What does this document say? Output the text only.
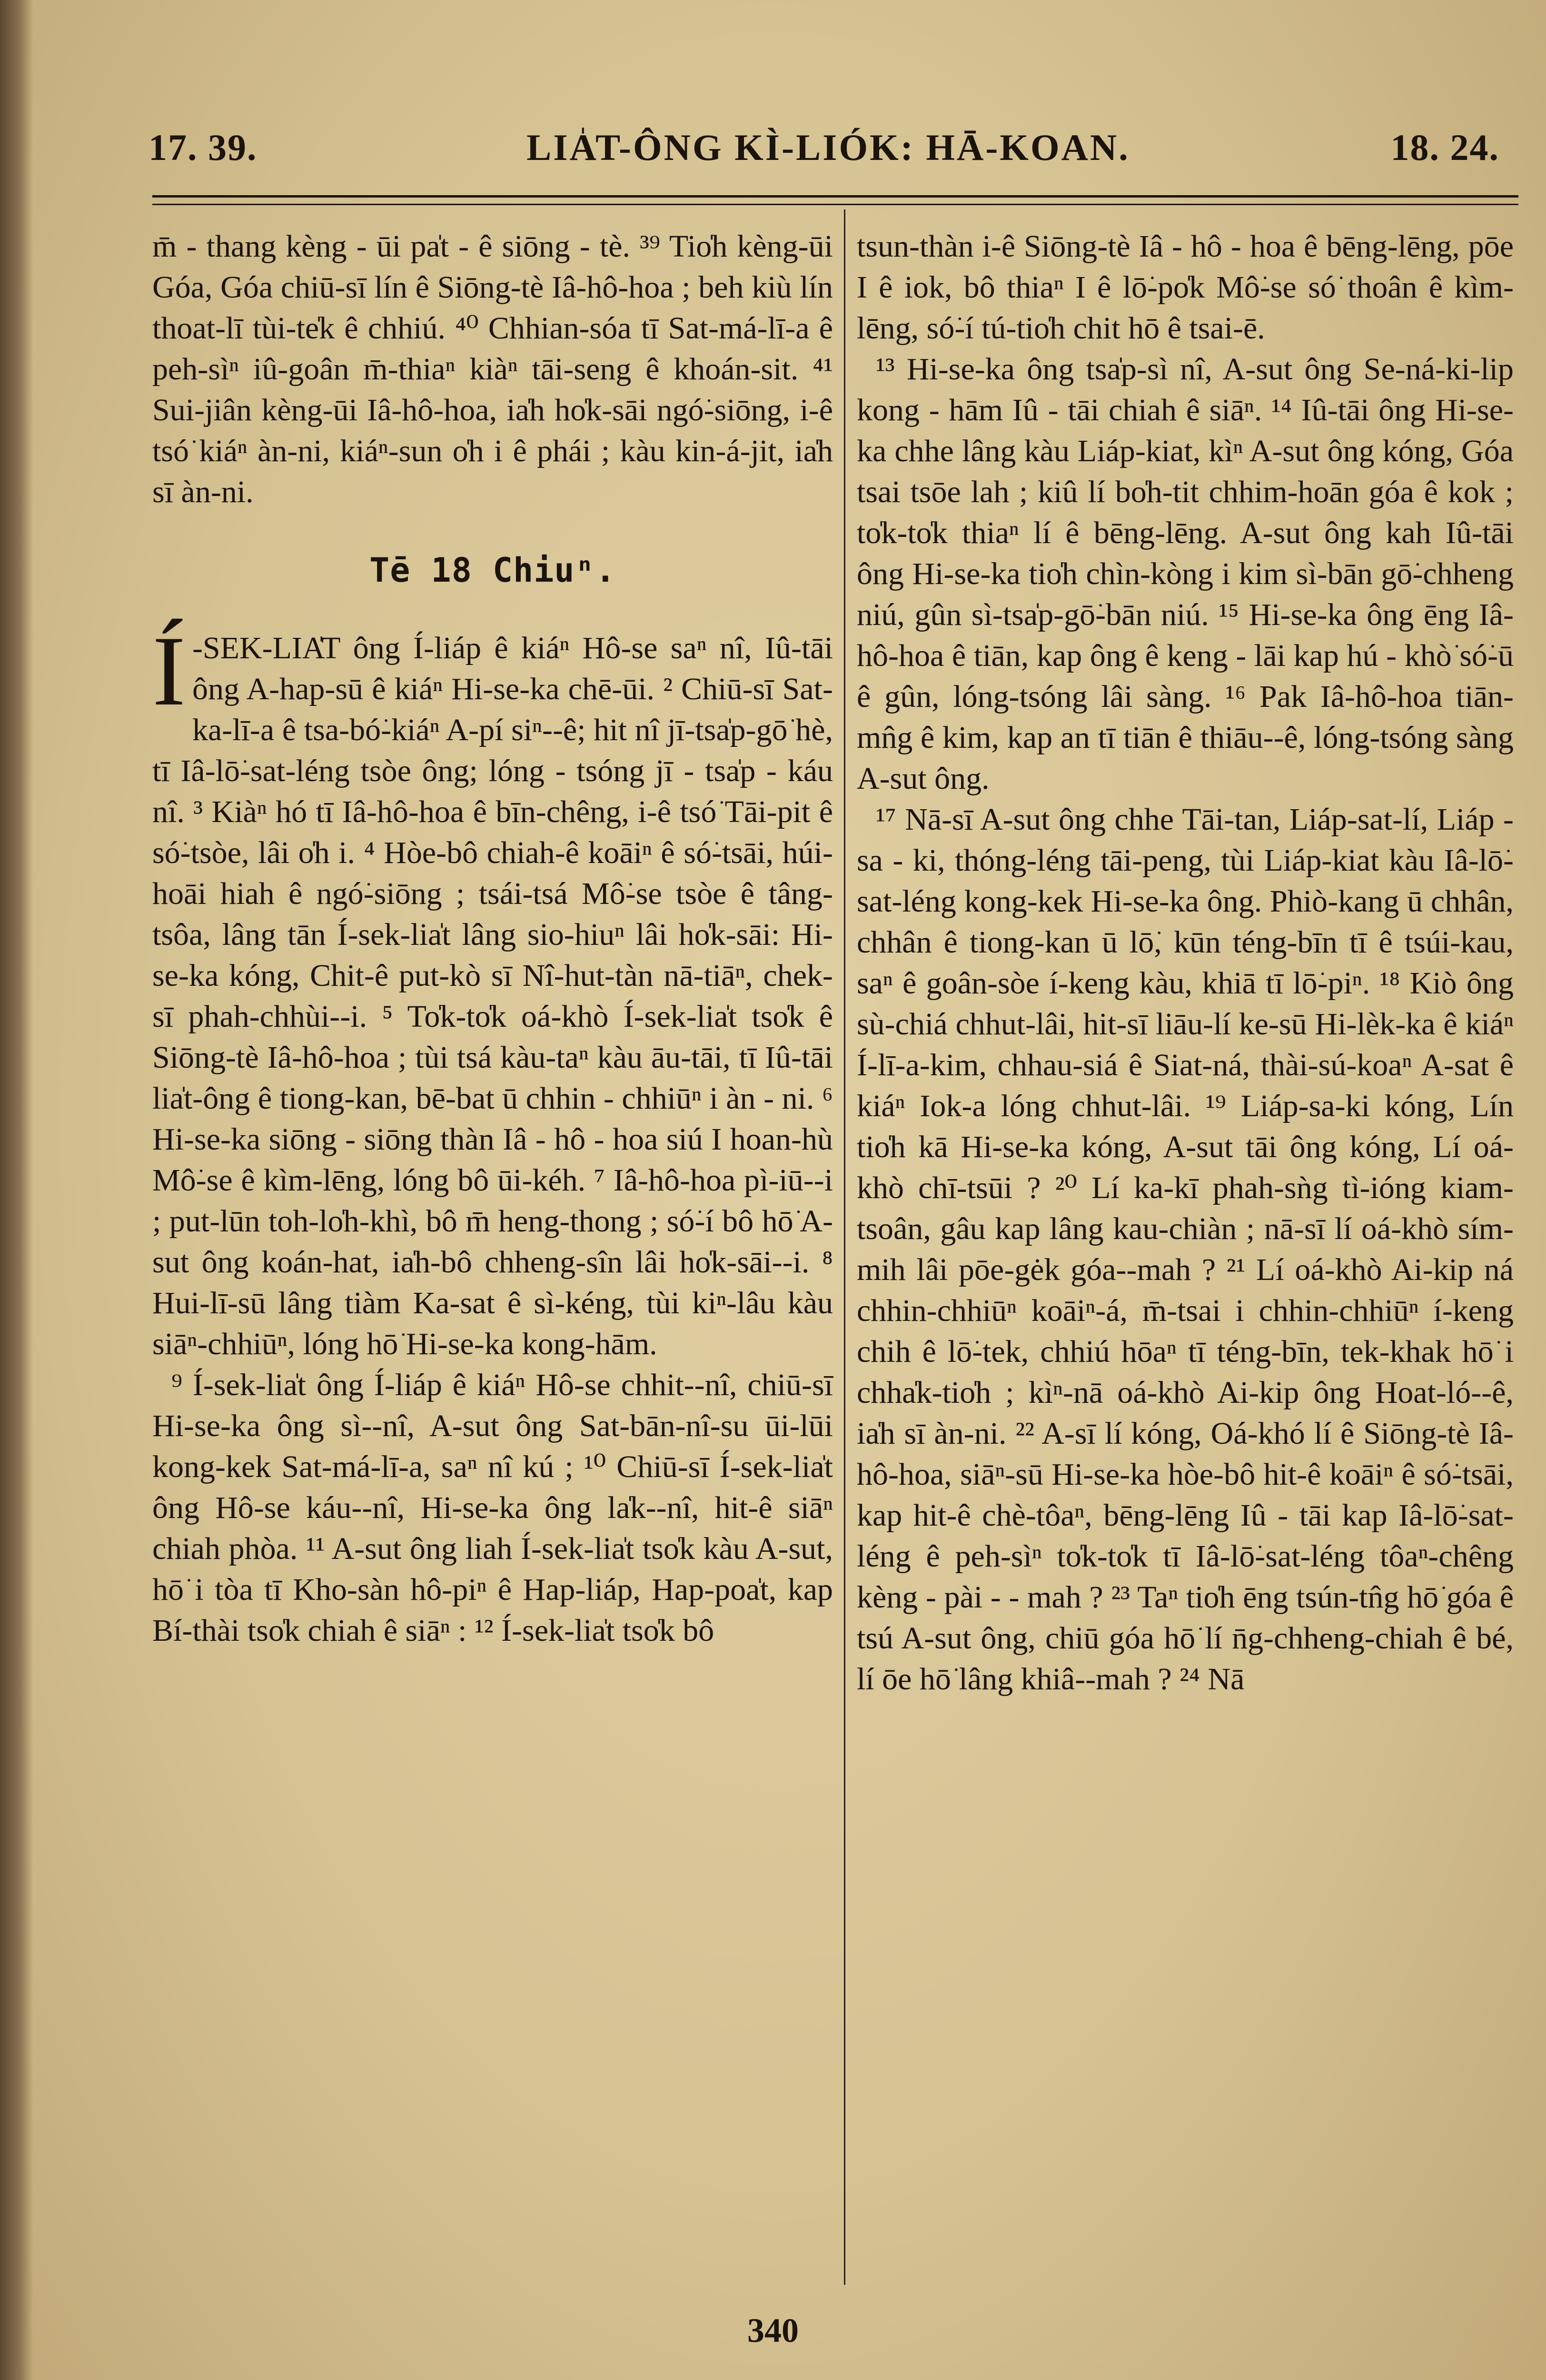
17. 39.	LIA̍T-ÔNG KÌ-LIÓK: HĀ-KOAN.	18. 24.

m̄ - thang kèng - ūi pa̍t - ê siōng - tè. ³⁹ Tio̍h kèng-ūi Góa, Góa chiū-sī lín ê Siōng-tè Iâ-hô-hoa ; beh kiù lín thoat-lī tùi-te̍k ê chhiú. ⁴⁰ Chhian-sóa tī Sat-má-lī-a ê peh-sìⁿ iû-goân m̄-thiaⁿ kiàⁿ tāi-seng ê khoán-sit. ⁴¹ Sui-jiân kèng-ūi Iâ-hô-hoa, ia̍h ho̍k-sāi ngó͘-siōng, i-ê tsó͘ kiáⁿ àn-ni, kiáⁿ-sun o̍h i ê phái ; kàu kin-á-jit, ia̍h sī àn-ni.

Tē 18 Chiuⁿ.

Í -SEK-LIA̍T ông Í-liáp ê kiáⁿ Hô-se saⁿ nî, Iû-tāi ông A-hap-sū ê kiáⁿ Hi-se-ka chē-ūi. ² Chiū-sī Sat-ka-lī-a ê tsa-bó͘-kiáⁿ A-pí siⁿ--ê; hit nî jī-tsa̍p-gō͘ hè, tī Iâ-lō͘-sat-léng tsòe ông; lóng - tsóng jī - tsa̍p - káu nî. ³ Kiàⁿ hó tī Iâ-hô-hoa ê bīn-chêng, i-ê tsó͘ Tāi-pit ê só͘-tsòe, lâi o̍h i. ⁴ Hòe-bô chiah-ê koāiⁿ ê só͘-tsāi, húi-hoāi hiah ê ngó͘-siōng ; tsái-tsá Mô͘-se tsòe ê tâng-tsôa, lâng tān Í-sek-lia̍t lâng sio-hiuⁿ lâi ho̍k-sāi: Hi-se-ka kóng, Chit-ê put-kò sī Nî-hut-tàn nā-tiāⁿ, chek-sī phah-chhùi--i. ⁵ To̍k-to̍k oá-khò Í-sek-lia̍t tso̍k ê Siōng-tè Iâ-hô-hoa ; tùi tsá kàu-taⁿ kàu āu-tāi, tī Iû-tāi lia̍t-ông ê tiong-kan, bē-bat ū chhin - chhiūⁿ i àn - ni. ⁶ Hi-se-ka siōng - siōng thàn Iâ - hô - hoa siú I hoan-hù Mô͘-se ê kìm-lēng, lóng bô ūi-kéh. ⁷ Iâ-hô-hoa pì-iū--i ; put-lūn toh-lo̍h-khì, bô m̄ heng-thong ; só͘-í bô hō͘ A-sut ông koán-hat, ia̍h-bô chheng-sîn lâi ho̍k-sāi--i. ⁸ Hui-lī-sū lâng tiàm Ka-sat ê sì-kéng, tùi kiⁿ-lâu kàu siāⁿ-chhiūⁿ, lóng hō͘ Hi-se-ka kong-hām.

⁹ Í-sek-lia̍t ông Í-liáp ê kiáⁿ Hô-se chhit--nî, chiū-sī Hi-se-ka ông sì--nî, A-sut ông Sat-bān-nî-su ūi-lūi kong-kek Sat-má-lī-a, saⁿ nî kú ; ¹⁰ Chiū-sī Í-sek-lia̍t ông Hô-se káu--nî, Hi-se-ka ông la̍k--nî, hit-ê siāⁿ chiah phòa. ¹¹ A-sut ông liah Í-sek-lia̍t tso̍k kàu A-sut, hō͘ i tòa tī Kho-sàn hô-piⁿ ê Hap-liáp, Hap-poa̍t, kap Bí-thài tso̍k chiah ê siāⁿ : ¹² Í-sek-lia̍t tso̍k bô

tsun-thàn i-ê Siōng-tè Iâ - hô - hoa ê bēng-lēng, pōe I ê iok, bô thiaⁿ I ê lō͘-po̍k Mô͘-se só͘ thoân ê kìm-lēng, só͘-í tú-tio̍h chit hō ê tsai-ē.

¹³ Hi-se-ka ông tsa̍p-sì nî, A-sut ông Se-ná-ki-lip kong - hām Iû - tāi chiah ê siāⁿ. ¹⁴ Iû-tāi ông Hi-se-ka chhe lâng kàu Liáp-kiat, kìⁿ A-sut ông kóng, Góa tsai tsōe lah ; kiû lí bo̍h-tit chhim-hoān góa ê kok ; to̍k-to̍k thiaⁿ lí ê bēng-lēng. A-sut ông kah Iû-tāi ông Hi-se-ka tio̍h chìn-kòng i kim sì-bān gō͘-chheng niú, gûn sì-tsa̍p-gō͘-bān niú. ¹⁵ Hi-se-ka ông ēng Iâ-hô-hoa ê tiān, kap ông ê keng - lāi kap hú - khò͘ só͘-ū ê gûn, lóng-tsóng lâi sàng. ¹⁶ Pak Iâ-hô-hoa tiān-mn̂g ê kim, kap an tī tiān ê thiāu--ê, lóng-tsóng sàng A-sut ông.

¹⁷ Nā-sī A-sut ông chhe Tāi-tan, Liáp-sat-lí, Liáp - sa - ki, thóng-léng tāi-peng, tùi Liáp-kiat kàu Iâ-lō͘-sat-léng kong-kek Hi-se-ka ông. Phiò-kang ū chhân, chhân ê tiong-kan ū lō͘, kūn téng-bīn tī ê tsúi-kau, saⁿ ê goân-sòe í-keng kàu, khiā tī lō͘-piⁿ. ¹⁸ Kiò ông sù-chiá chhut-lâi, hit-sī liāu-lí ke-sū Hi-lèk-ka ê kiáⁿ Í-lī-a-kim, chhau-siá ê Siat-ná, thài-sú-koaⁿ A-sat ê kiáⁿ Iok-a lóng chhut-lâi. ¹⁹ Liáp-sa-ki kóng, Lín tio̍h kā Hi-se-ka kóng, A-sut tāi ông kóng, Lí oá-khò chī-tsūi ? ²⁰ Lí ka-kī phah-sǹg tì-ióng kiam-tsoân, gâu kap lâng kau-chiàn ; nā-sī lí oá-khò sím-mih lâi pōe-gėk góa--mah ? ²¹ Lí oá-khò Ai-kip ná chhin-chhiūⁿ koāiⁿ-á, m̄-tsai i chhin-chhiūⁿ í-keng chih ê lō͘-tek, chhiú hōaⁿ tī téng-bīn, tek-khak hō͘ i chha̍k-tio̍h ; kìⁿ-nā oá-khò Ai-kip ông Hoat-ló--ê, ia̍h sī àn-ni. ²² A-sī lí kóng, Oá-khó lí ê Siōng-tè Iâ-hô-hoa, siāⁿ-sū Hi-se-ka hòe-bô hit-ê koāiⁿ ê só͘-tsāi, kap hit-ê chè-tôaⁿ, bēng-lēng Iû - tāi kap Iâ-lō͘-sat-léng ê peh-sìⁿ to̍k-to̍k tī Iâ-lō͘-sat-léng tôaⁿ-chêng kèng - pài - - mah ? ²³ Taⁿ tio̍h ēng tsún-tn̂g hō͘ góa ê tsú A-sut ông, chiū góa hō͘ lí n̄g-chheng-chiah ê bé, lí ōe hō͘ lâng khiâ--mah ? ²⁴ Nā

340
